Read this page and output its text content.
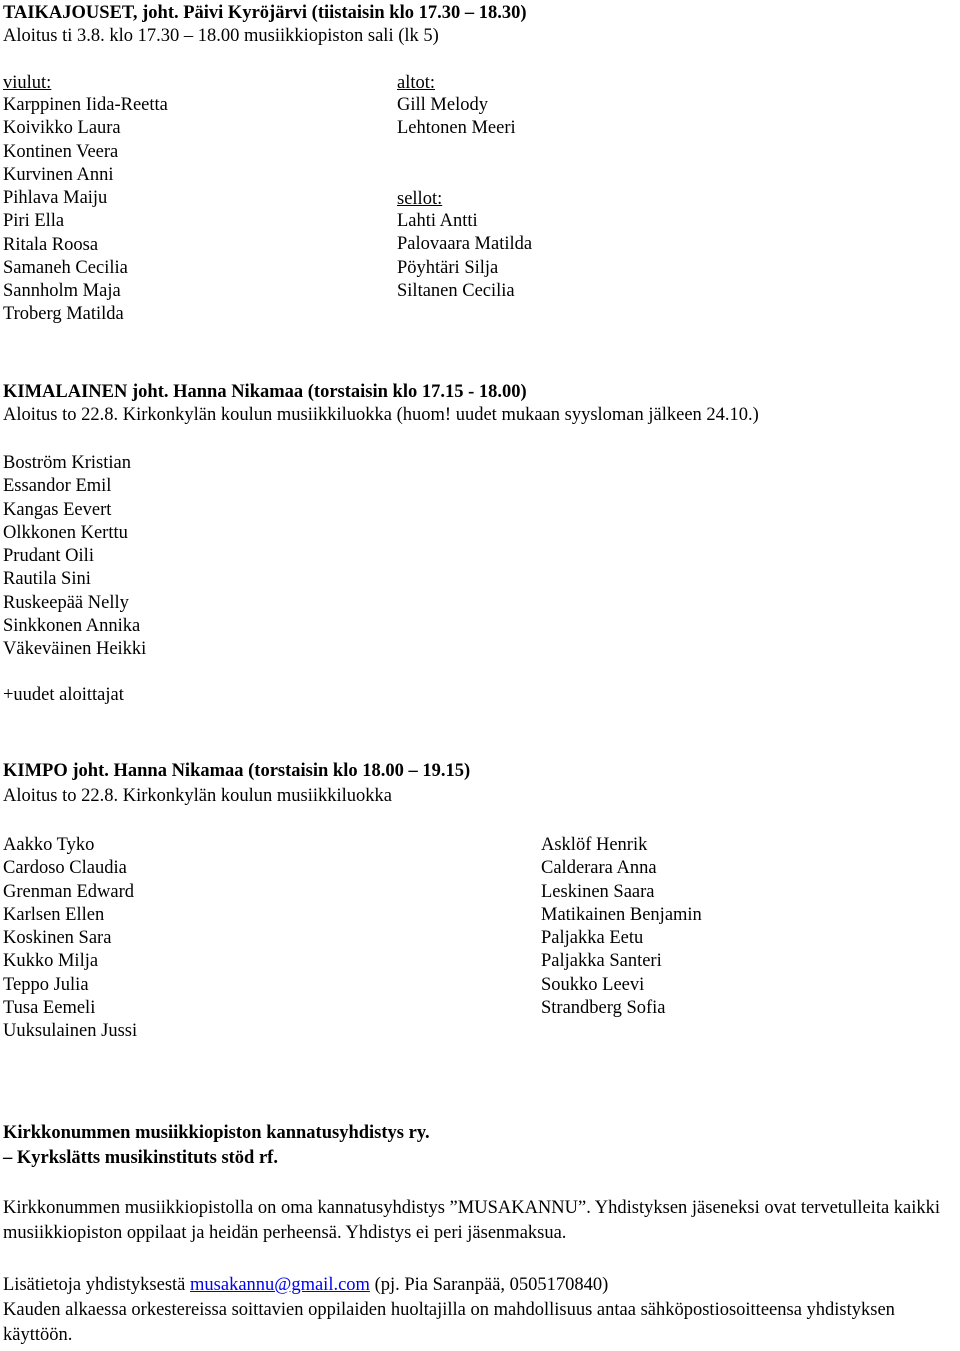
TAIKAJOUSET, joht. Päivi Kyröjärvi (tiistaisin klo 17.30 – 18.30)
Aloitus ti 3.8. klo 17.30 – 18.00 musiikkiopiston sali (lk 5)
viulut:
Karppinen Iida-Reetta
Koivikko Laura
Kontinen Veera
Kurvinen Anni
Pihlava Maiju
Piri Ella
Ritala Roosa
Samaneh Cecilia
Sannholm Maja
Troberg Matilda
altot:
Gill Melody
Lehtonen Meeri
sellot:
Lahti Antti
Palovaara Matilda
Pöyhtäri Silja
Siltanen Cecilia
KIMALAINEN joht. Hanna Nikamaa (torstaisin klo 17.15 - 18.00)
Aloitus to 22.8. Kirkonkylän koulun musiikkiluokka (huom! uudet mukaan syysloman jälkeen 24.10.)
Boström Kristian
Essandor Emil
Kangas Eevert
Olkkonen Kerttu
Prudant Oili
Rautila Sini
Ruskeepää Nelly
Sinkkonen Annika
Väkeväinen Heikki
+uudet aloittajat
KIMPO joht. Hanna Nikamaa (torstaisin klo 18.00 – 19.15)
Aloitus to 22.8. Kirkonkylän koulun musiikkiluokka
Aakko Tyko
Cardoso Claudia
Grenman Edward
Karlsen Ellen
Koskinen Sara
Kukko Milja
Teppo Julia
Tusa Eemeli
Uuksulainen Jussi
Asklöf Henrik
Calderara Anna
Leskinen Saara
Matikainen Benjamin
Paljakka Eetu
Paljakka Santeri
Soukko Leevi
Strandberg Sofia
Kirkkonummen musiikkiopiston kannatusyhdistys ry.
– Kyrkslätts musikinstituts stöd rf.
Kirkkonummen musiikkiopistolla on oma kannatusyhdistys ”MUSAKANNU”. Yhdistyksen jäseneksi ovat tervetulleita kaikki musiikkiopiston oppilaat ja heidän perheensä. Yhdistys ei peri jäsenmaksua.
Lisätietoja yhdistyksestä musakannu@gmail.com (pj. Pia Saranpää, 0505170840)
Kauden alkaessa orkestereissa soittavien oppilaiden huoltajilla on mahdollisuus antaa sähköpostiosoitteensa yhdistyksen käyttöön.
